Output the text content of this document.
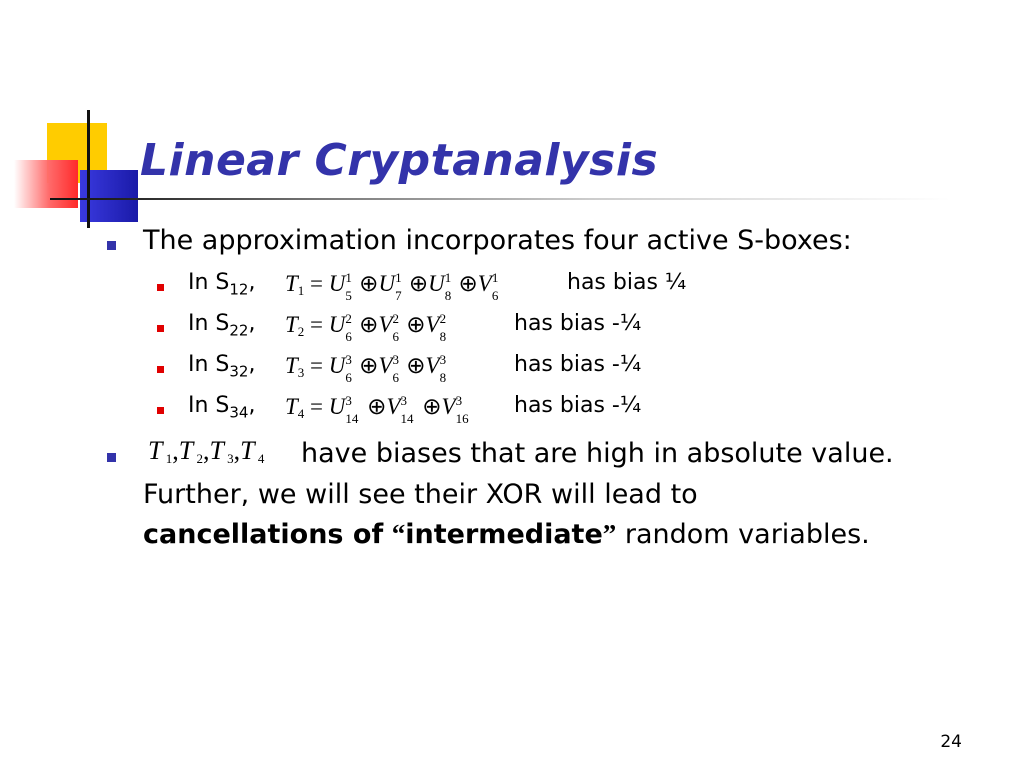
Linear Cryptanalysis
The approximation incorporates four active S-boxes:
In $S_{12}$, $T_1 = U$ 1
5 ⊕U 1
7 ⊕U 1
8 ⊕V 1
6
has bias ¼
In $S_{22}$, $T_2 = U$ 2
6 ⊕V 2
6 ⊕V 2
8
has bias -¼
In $S_{32}$, $T_3 = U$ 3
6 ⊕V 3
6 ⊕V 3
8
has bias -¼
In $S_{34}$, $T_4 = U$ 3
14 ⊕V 3
14 ⊕V 3
16
has bias -¼
T $_1$,T $_2$,T $_3$,T $_4$ have biases that are high in absolute value.
Further, we will see their XOR will lead to
cancellations of “intermediate” random variables.
24
